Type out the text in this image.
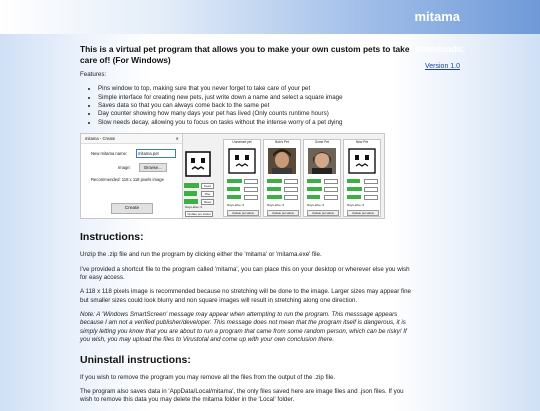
mitama
downloads:
Version 1.0

This is a virtual pet program that allows you to make your own custom pets to take care of! (For Windows)

Features:

• Pins window to top, making sure that you never forget to take care of your pet
• Simple interface for creating new pets, just write down a name and select a square image
• Saves data so that you can always come back to the same pet
• Day counter showing how many days your pet has lived (Only counts runtime hours)
• Slow needs decay, allowing you to focus on tasks without the intense worry of a pet dying
mitama - Create	✕
New mitama name:	mitama.pet
Image:	Browse...
Recommended: 118 x 118 pixels image
Create
Feed
Play
Sleep
Days alive: 0
Update pet status
Unnamed pet
Days alive: 0
Update pet status
Bob's Pet
Days alive: 0
Update pet status
Some Pet
Days alive: 0
Update pet status
New Pet
Days alive: 0
Update pet status
Instructions:

Unzip the .zip file and run the program by clicking either the 'mitama' or 'mitama.exe' file.

I've provided a shortcut file to the program called 'mitama', you can place this on your desktop or wherever else you wish for easy access.

A 118 x 118 pixels image is recommended because no stretching will be done to the image. Larger sizes may appear fine but smaller sizes could look blurry and non square images will result in stretching along one direction.

Note: A 'Windows SmartScreen' message may appear when attempting to run the program. This messsage appears because I am not a verified publisher/developer. This message does not mean that the program itself is dangerous, it is simply letting you know that you are about to run a program that came from some random person, which can be risky! If you wish, you may upload the files to Virustotal and come up with your own conclusion there.

Uninstall instructions:

If you wish to remove the program you may remove all the files from the output of the .zip file.

The program also saves data in 'AppData/Local/mitama', the only files saved here are image files and .json files. If you wish to remove this data you may delete the mitama folder in the 'Local' folder.
